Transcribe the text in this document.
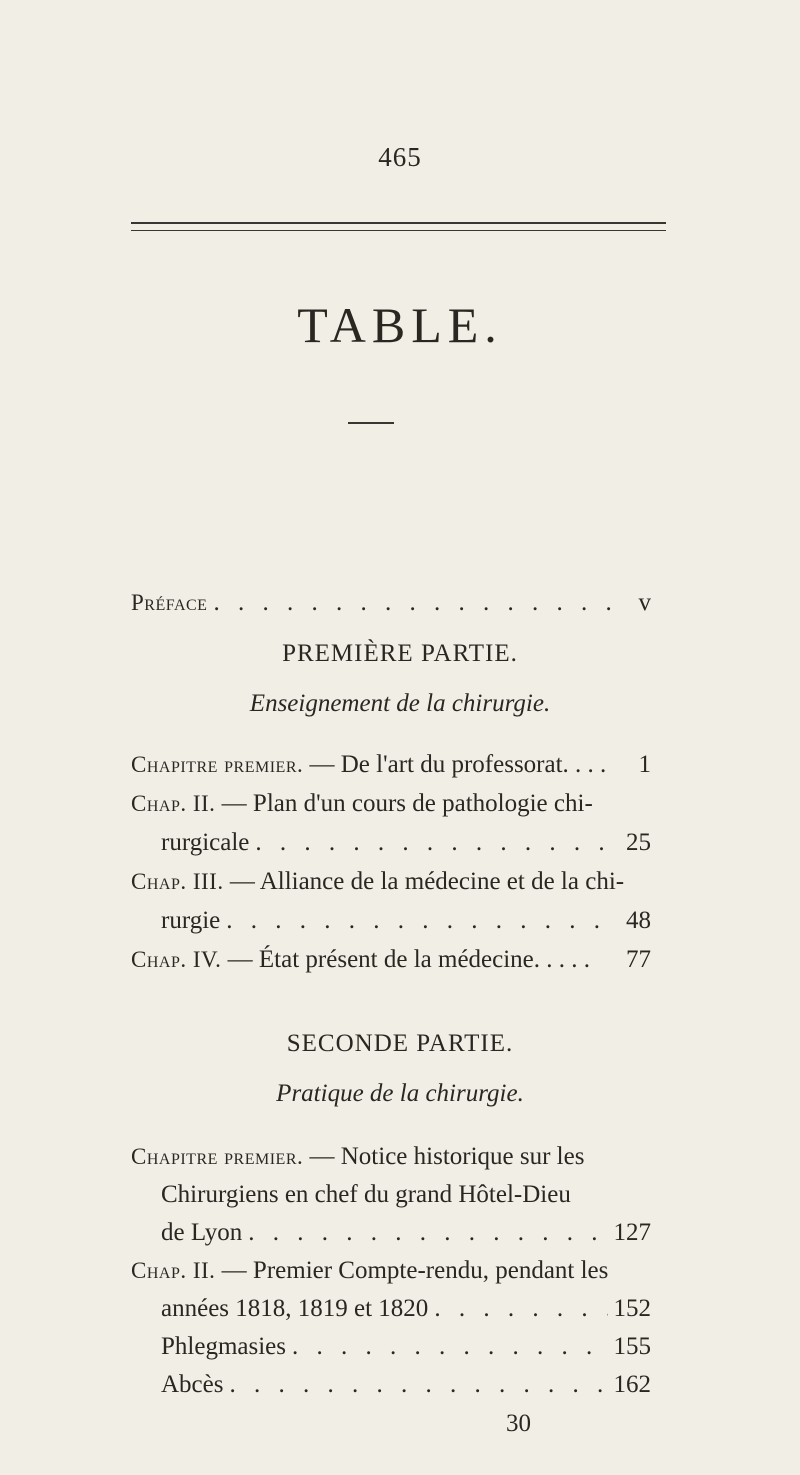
465
TABLE.
Préface . . .	v
PREMIÈRE PARTIE.
Enseignement de la chirurgie.
Chapitre premier.
— De l'art du professorat. . . .	1
Chap. II.
— Plan d'un cours de pathologie chi-
rurgicale . . .	25
Chap. III.
— Alliance de la médecine et de la chi-
rurgie . . .	48
Chap. IV.
— État présent de la médecine. . . . .	77
SECONDE PARTIE.
Pratique de la chirurgie.
Chapitre premier.
— Notice historique sur les
Chirurgiens en chef du grand Hôtel-Dieu
de Lyon . . .	127
Chap. II.
— Premier Compte-rendu, pendant les
années 1818, 1819 et 1820 . . .	152
Phlegmasies . . .	155
Abcès . . .	162
30
